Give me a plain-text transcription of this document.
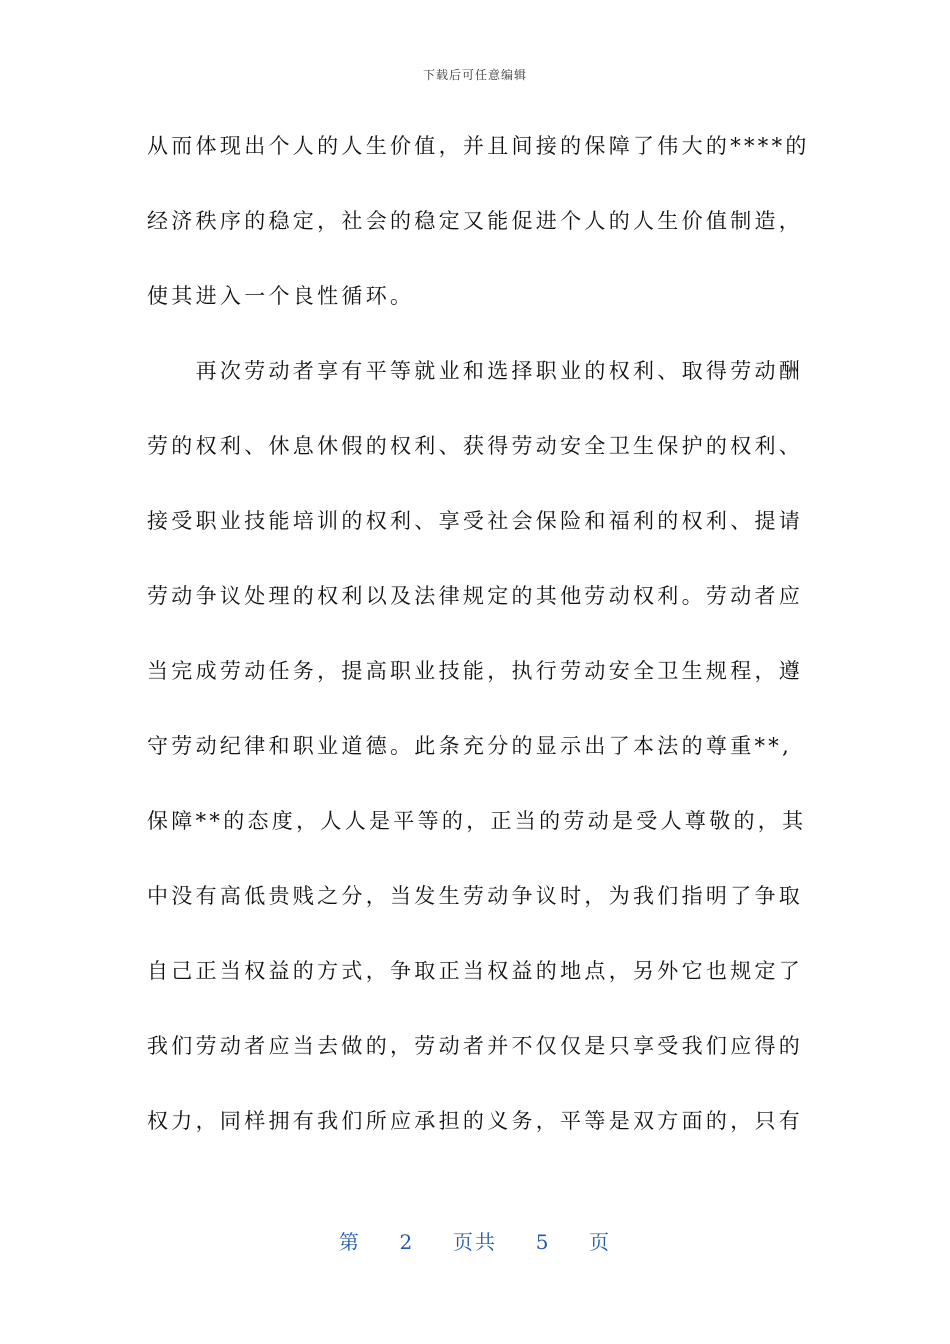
下载后可任意编辑
从而体现出个人的人生价值，并且间接的保障了伟大的****的
经济秩序的稳定，社会的稳定又能促进个人的人生价值制造，
使其进入一个良性循环。
　　再次劳动者享有平等就业和选择职业的权利、取得劳动酬
劳的权利、休息休假的权利、获得劳动安全卫生保护的权利、
接受职业技能培训的权利、享受社会保险和福利的权利、提请
劳动争议处理的权利以及法律规定的其他劳动权利。劳动者应
当完成劳动任务，提高职业技能，执行劳动安全卫生规程，遵
守劳动纪律和职业道德。此条充分的显示出了本法的尊重**,
保障**的态度，人人是平等的，正当的劳动是受人尊敬的，其
中没有高低贵贱之分，当发生劳动争议时，为我们指明了争取
自己正当权益的方式，争取正当权益的地点，另外它也规定了
我们劳动者应当去做的，劳动者并不仅仅是只享受我们应得的
权力，同样拥有我们所应承担的义务，平等是双方面的，只有
第 2 页共 5 页
